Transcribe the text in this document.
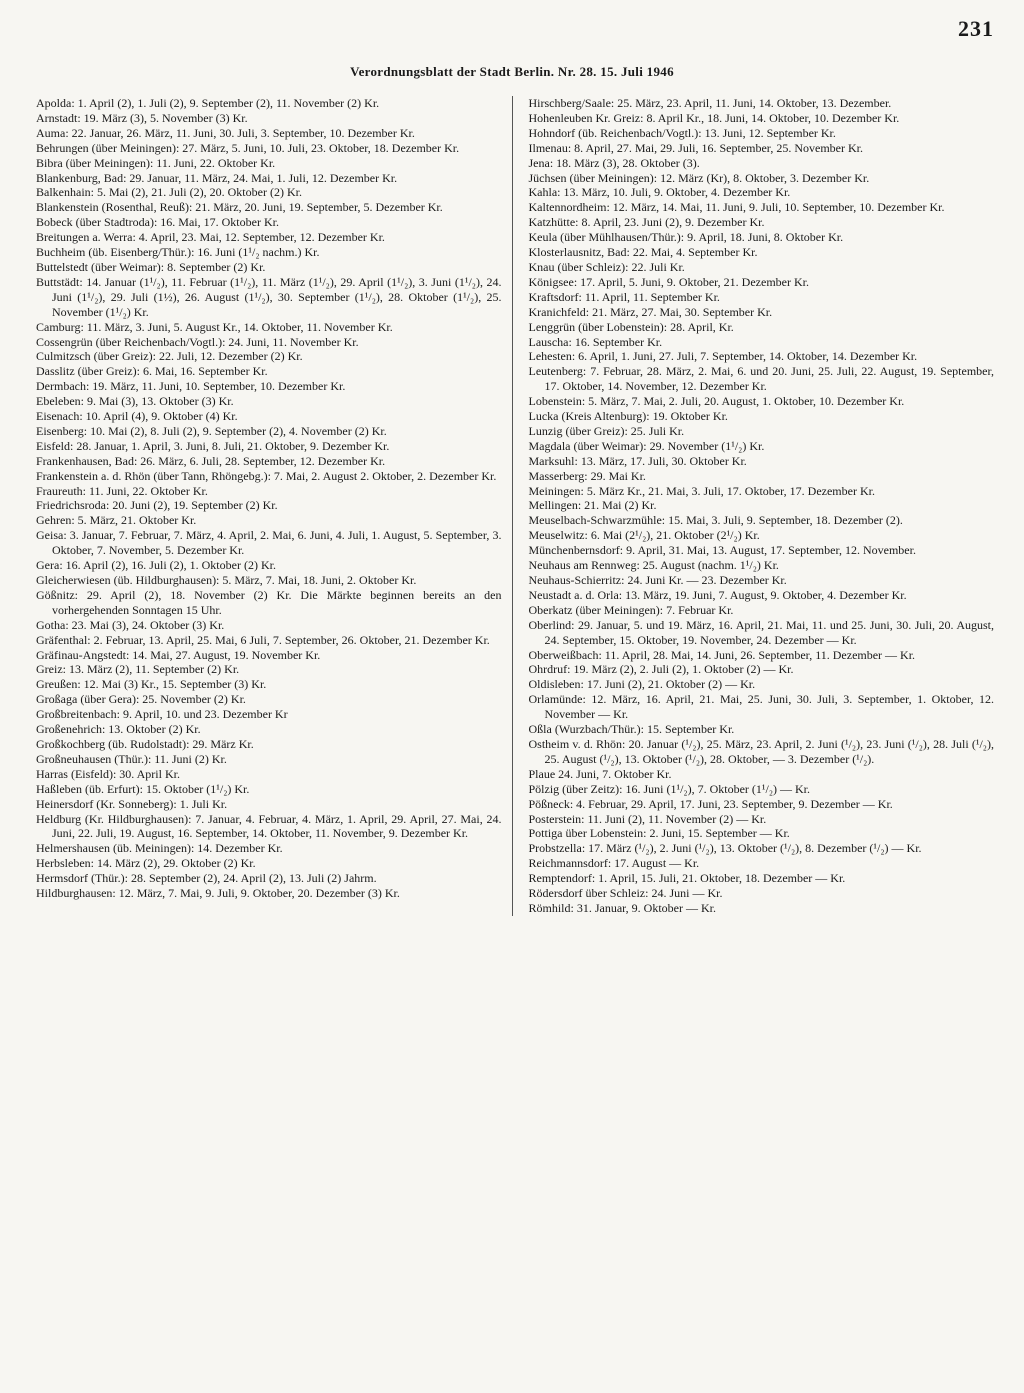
231
Verordnungsblatt der Stadt Berlin. Nr. 28. 15. Juli 1946

Apolda: 1. April (2), 1. Juli (2), 9. September (2), 11. November (2) Kr.

Arnstadt: 19. März (3), 5. November (3) Kr.

Auma: 22. Januar, 26. März, 11. Juni, 30. Juli, 3. September, 10. Dezember Kr.

Behrungen (über Meiningen): 27. März, 5. Juni, 10. Juli, 23. Oktober, 18. Dezember Kr.

Bibra (über Meiningen): 11. Juni, 22. Oktober Kr.

Blankenburg, Bad: 29. Januar, 11. März, 24. Mai, 1. Juli, 12. Dezember Kr.

Balkenhain: 5. Mai (2), 21. Juli (2), 20. Oktober (2) Kr.

Blankenstein (Rosenthal, Reuß): 21. März, 20. Juni, 19. September, 5. Dezember Kr.

Bobeck (über Stadtroda): 16. Mai, 17. Oktober Kr.

Breitungen a. Werra: 4. April, 23. Mai, 12. September, 12. Dezember Kr.

Buchheim (üb. Eisenberg/Thür.): 16. Juni (1¹/₂ nachm.) Kr.

Buttelstedt (über Weimar): 8. September (2) Kr.

Buttstädt: 14. Januar (1¹/₂), 11. Februar (1¹/₂), 11. März (1¹/₂), 29. April (1¹/₂), 3. Juni (1¹/₂), 24. Juni (1¹/₂), 29. Juli (1½), 26. August (1¹/₂), 30. September (1¹/₂), 28. Oktober (1¹/₂), 25. November (1¹/₂) Kr.

Camburg: 11. März, 3. Juni, 5. August Kr., 14. Oktober, 11. November Kr.

Cossengrün (über Reichenbach/Vogtl.): 24. Juni, 11. November Kr.

Culmitzsch (über Greiz): 22. Juli, 12. Dezember (2) Kr.

Dasslitz (über Greiz): 6. Mai, 16. September Kr.

Dermbach: 19. März, 11. Juni, 10. September, 10. Dezember Kr.

Ebeleben: 9. Mai (3), 13. Oktober (3) Kr.

Eisenach: 10. April (4), 9. Oktober (4) Kr.

Eisenberg: 10. Mai (2), 8. Juli (2), 9. September (2), 4. November (2) Kr.

Eisfeld: 28. Januar, 1. April, 3. Juni, 8. Juli, 21. Oktober, 9. Dezember Kr.

Frankenhausen, Bad: 26. März, 6. Juli, 28. September, 12. Dezember Kr.

Frankenstein a. d. Rhön (über Tann, Rhöngebg.): 7. Mai, 2. August 2. Oktober, 2. Dezember Kr.

Fraureuth: 11. Juni, 22. Oktober Kr.

Friedrichsroda: 20. Juni (2), 19. September (2) Kr.

Gehren: 5. März, 21. Oktober Kr.

Geisa: 3. Januar, 7. Februar, 7. März, 4. April, 2. Mai, 6. Juni, 4. Juli, 1. August, 5. September, 3. Oktober, 7. November, 5. Dezember Kr.

Gera: 16. April (2), 16. Juli (2), 1. Oktober (2) Kr.

Gleicherwiesen (üb. Hildburghausen): 5. März, 7. Mai, 18. Juni, 2. Oktober Kr.

Gößnitz: 29. April (2), 18. November (2) Kr. Die Märkte beginnen bereits an den vorhergehenden Sonntagen 15 Uhr.

Gotha: 23. Mai (3), 24. Oktober (3) Kr.

Gräfenthal: 2. Februar, 13. April, 25. Mai, 6 Juli, 7. September, 26. Oktober, 21. Dezember Kr.

Gräfinau-Angstedt: 14. Mai, 27. August, 19. November Kr.

Greiz: 13. März (2), 11. September (2) Kr.

Greußen: 12. Mai (3) Kr., 15. September (3) Kr.

Großaga (über Gera): 25. November (2) Kr.

Großbreitenbach: 9. April, 10. und 23. Dezember Kr

Großenehrich: 13. Oktober (2) Kr.

Großkochberg (üb. Rudolstadt): 29. März Kr.

Großneuhausen (Thür.): 11. Juni (2) Kr.

Harras (Eisfeld): 30. April Kr.

Haßleben (üb. Erfurt): 15. Oktober (1¹/₂) Kr.

Heinersdorf (Kr. Sonneberg): 1. Juli Kr.

Heldburg (Kr. Hildburghausen): 7. Januar, 4. Februar, 4. März, 1. April, 29. April, 27. Mai, 24. Juni, 22. Juli, 19. August, 16. September, 14. Oktober, 11. November, 9. Dezember Kr.

Helmershausen (üb. Meiningen): 14. Dezember Kr.

Herbsleben: 14. März (2), 29. Oktober (2) Kr.

Hermsdorf (Thür.): 28. September (2), 24. April (2), 13. Juli (2) Jahrm.

Hildburghausen: 12. März, 7. Mai, 9. Juli, 9. Oktober, 20. Dezember (3) Kr.

Hirschberg/Saale: 25. März, 23. April, 11. Juni, 14. Oktober, 13. Dezember.

Hohenleuben Kr. Greiz: 8. April Kr., 18. Juni, 14. Oktober, 10. Dezember Kr.

Hohndorf (üb. Reichenbach/Vogtl.): 13. Juni, 12. September Kr.

Ilmenau: 8. April, 27. Mai, 29. Juli, 16. September, 25. November Kr.

Jena: 18. März (3), 28. Oktober (3).

Jüchsen (über Meiningen): 12. März (Kr), 8. Oktober, 3. Dezember Kr.

Kahla: 13. März, 10. Juli, 9. Oktober, 4. Dezember Kr.

Kaltennordheim: 12. März, 14. Mai, 11. Juni, 9. Juli, 10. September, 10. Dezember Kr.

Katzhütte: 8. April, 23. Juni (2), 9. Dezember Kr.

Keula (über Mühlhausen/Thür.): 9. April, 18. Juni, 8. Oktober Kr.

Klosterlausnitz, Bad: 22. Mai, 4. September Kr.

Knau (über Schleiz): 22. Juli Kr.

Königsee: 17. April, 5. Juni, 9. Oktober, 21. Dezember Kr.

Kraftsdorf: 11. April, 11. September Kr.

Kranichfeld: 21. März, 27. Mai, 30. September Kr.

Lenggrün (über Lobenstein): 28. April, Kr.

Lauscha: 16. September Kr.

Lehesten: 6. April, 1. Juni, 27. Juli, 7. September, 14. Oktober, 14. Dezember Kr.

Leutenberg: 7. Februar, 28. März, 2. Mai, 6. und 20. Juni, 25. Juli, 22. August, 19. September, 17. Oktober, 14. November, 12. Dezember Kr.

Lobenstein: 5. März, 7. Mai, 2. Juli, 20. August, 1. Oktober, 10. Dezember Kr.

Lucka (Kreis Altenburg): 19. Oktober Kr.

Lunzig (über Greiz): 25. Juli Kr.

Magdala (über Weimar): 29. November (1¹/₂) Kr.

Marksuhl: 13. März, 17. Juli, 30. Oktober Kr.

Masserberg: 29. Mai Kr.

Meiningen: 5. März Kr., 21. Mai, 3. Juli, 17. Oktober, 17. Dezember Kr.

Mellingen: 21. Mai (2) Kr.

Meuselbach-Schwarzmühle: 15. Mai, 3. Juli, 9. September, 18. Dezember (2).

Meuselwitz: 6. Mai (2¹/₂), 21. Oktober (2¹/₂) Kr.

Münchenbernsdorf: 9. April, 31. Mai, 13. August, 17. September, 12. November.

Neuhaus am Rennweg: 25. August (nachm. 1¹/₂) Kr.

Neuhaus-Schierritz: 24. Juni Kr. — 23. Dezember Kr.

Neustadt a. d. Orla: 13. März, 19. Juni, 7. August, 9. Oktober, 4. Dezember Kr.

Oberkatz (über Meiningen): 7. Februar Kr.

Oberlind: 29. Januar, 5. und 19. März, 16. April, 21. Mai, 11. und 25. Juni, 30. Juli, 20. August, 24. September, 15. Oktober, 19. November, 24. Dezember — Kr.

Oberweißbach: 11. April, 28. Mai, 14. Juni, 26. September, 11. Dezember — Kr.

Ohrdruf: 19. März (2), 2. Juli (2), 1. Oktober (2) — Kr.

Oldisleben: 17. Juni (2), 21. Oktober (2) — Kr.

Orlamünde: 12. März, 16. April, 21. Mai, 25. Juni, 30. Juli, 3. September, 1. Oktober, 12. November — Kr.

Oßla (Wurzbach/Thür.): 15. September Kr.

Ostheim v. d. Rhön: 20. Januar (¹/₂), 25. März, 23. April, 2. Juni (¹/₂), 23. Juni (¹/₂), 28. Juli (¹/₂), 25. August (¹/₂), 13. Oktober (¹/₂), 28. Oktober, — 3. Dezember (¹/₂).

Plaue 24. Juni, 7. Oktober Kr.

Pölzig (über Zeitz): 16. Juni (1¹/₂), 7. Oktober (1¹/₂) — Kr.

Pößneck: 4. Februar, 29. April, 17. Juni, 23. September, 9. Dezember — Kr.

Posterstein: 11. Juni (2), 11. November (2) — Kr.

Pottiga über Lobenstein: 2. Juni, 15. September — Kr.

Probstzella: 17. März (¹/₂), 2. Juni (¹/₂), 13. Oktober (¹/₂), 8. Dezember (¹/₂) — Kr.

Reichmannsdorf: 17. August — Kr.

Remptendorf: 1. April, 15. Juli, 21. Oktober, 18. Dezember — Kr.

Rödersdorf über Schleiz: 24. Juni — Kr.

Römhild: 31. Januar, 9. Oktober — Kr.
